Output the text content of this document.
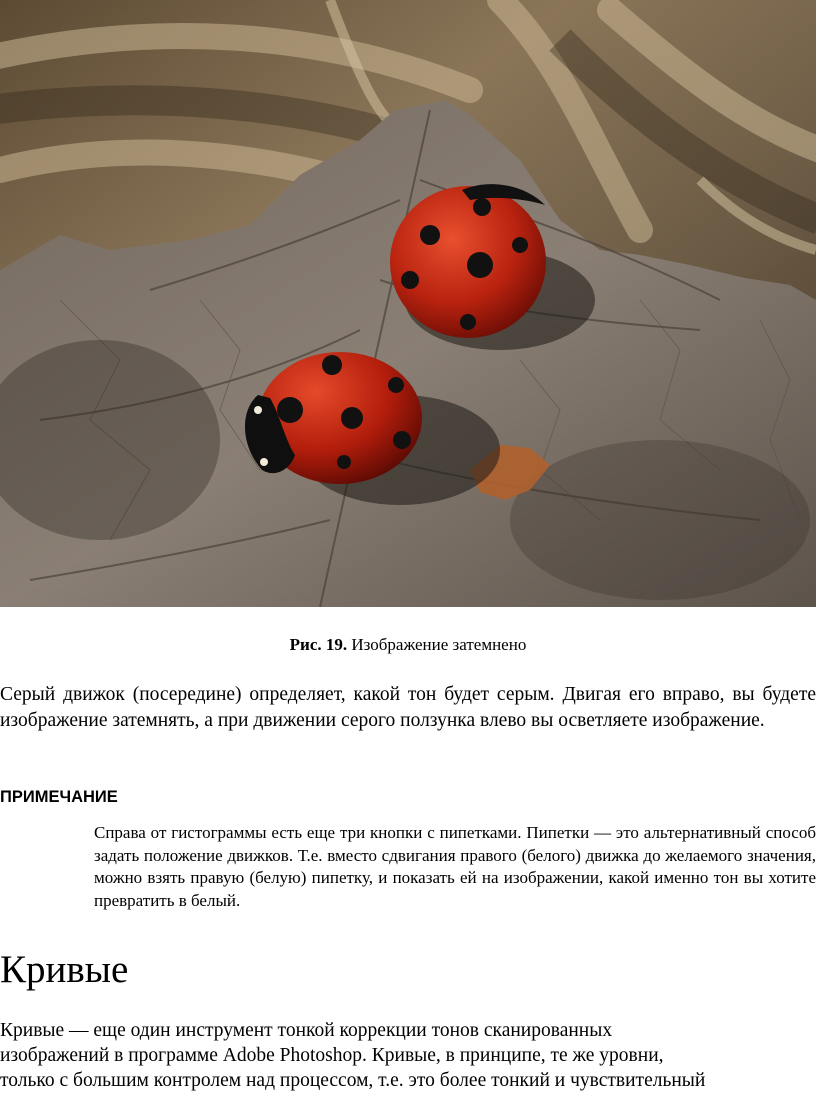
Рис. 19. Изображение затемнено
Серый движок (посередине) определяет, какой тон будет серым. Двигая его вправо, вы будете изображение затемнять, а при движении серого ползунка влево вы осветляете изображение.
ПРИМЕЧАНИЕ
Справа от гистограммы есть еще три кнопки с пипетками. Пипетки — это альтернативный способ задать положение движков. Т.е. вместо сдвигания правого (белого) движка до желаемого значения, можно взять правую (белую) пипетку, и показать ей на изображении, какой именно тон вы хотите превратить в белый.
Кривые
Кривые — еще один инструмент тонкой коррекции тонов сканированных
изображений в программе Adobe Photoshop. Кривые, в принципе, те же уровни,
только с большим контролем над процессом, т.е. это более тонкий и чувствительный
